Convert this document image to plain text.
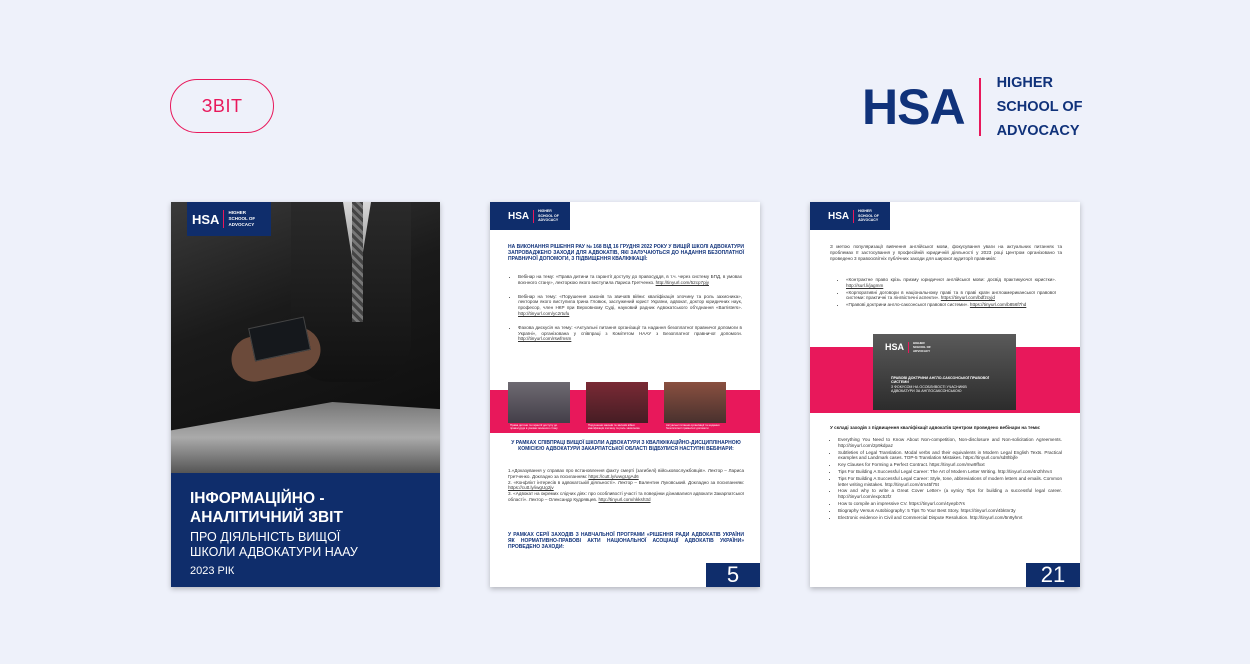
ЗВІТ	HSA HIGHER
SCHOOL OF
ADVOCACY
HSA HIGHER
SCHOOL OF
ADVOCACY
ІНФОРМАЦІЙНО -
АНАЛІТИЧНИЙ ЗВІТ
ПРО ДІЯЛЬНІСТЬ ВИЩОЇ
ШКОЛИ АДВОКАТУРИ НААУ
2023 РІК
HSA	HIGHER
SCHOOL OF
ADVOCACY
НА ВИКОНАННЯ РІШЕННЯ РАУ № 168 ВІД 16 ГРУДНЯ 2022 РОКУ У ВИЩІЙ ШКОЛІ АДВОКАТУРИ ЗАПРОВАДЖЕНО ЗАХОДИ ДЛЯ АДВОКАТІВ, ЯКІ ЗАЛУЧАЮТЬСЯ ДО НАДАННЯ БЕЗОПЛАТНОЇ ПРАВНИЧОЇ ДОПОМОГИ, З ПІДВИЩЕННЯ КВАЛІФІКАЦІЇ:
• Вебінар на тему: «Права дитини та гарантії доступу до правосуддя, в т.ч. через систему БПД, в умовах воєнного стану», лекторкою якого виступила Лариса Гретченко. http://tinyurl.com/52cp7pjy
• Вебінар на тему: «Порушення законів та звичаїв війни: кваліфікація злочину та роль захисника», лектором якого виступила Ірина Гловюк, заслужений юрист України, адвокат, доктор юридичних наук, професор, член НКР при Верховному Суді, науковий радник Адвокатського об'єднання «Barristers». http://tinyurl.com/yc2rtufu
• Фахова дискусія на тему: «Актуальні питання організації та надання безоплатної правничої допомоги в Україні», організована у співпраці з Комітетом НААУ з Безоплатної правничої допомоги. http://tinyurl.com/rswfmsm
Права дитини та гарантії доступу до правосуддя в умовах воєнного стану
Порушення законів та звичаїв війни: кваліфікація злочину та роль захисника
Актуальні питання організації та надання безоплатної правничої допомоги
У РАМКАХ СПІВПРАЦІ ВИЩОЇ ШКОЛИ АДВОКАТУРИ З КВАЛІФІКАЦІЙНО-ДИСЦИПЛІНАРНОЮ КОМІСІЄЮ АДВОКАТУРИ ЗАКАРПАТСЬКОЇ ОБЛАСТІ ВІДБУЛИСЯ НАСТУПНІ ВЕБІНАРИ:
1.«Доказування у справах про встановлення факту смерті (загибелі) військовослужбовців». Лектор – Лариса Гретченко. Докладно за посиланням: https://cutt.ly/wwgUgAd6
2. «Конфлікт інтересів в адвокатській діяльності». Лектор – Валентин Луковський. Докладно за посиланням: https://cutt.ly/iwgUg2jv
3. «Адвокат на окремих слідчих діях: про особливості участі та поведінки дізнавалися адвокати Закарпатської області». Лектор – Олександр Кудрявцев. http://tinyurl.com/nkksh3d
У РАМКАХ СЕРІЇ ЗАХОДІВ З НАВЧАЛЬНОЇ ПРОГРАМИ «РІШЕННЯ РАДИ АДВОКАТІВ УКРАЇНИ ЯК НОРМАТИВНО-ПРАВОВІ АКТИ НАЦІОНАЛЬНОЇ АСОЦІАЦІЇ АДВОКАТІВ УКРАЇНИ» ПРОВЕДЕНО ЗАХОДИ:
5
HSA	HIGHER
SCHOOL OF
ADVOCACY
З метою популяризації вивчення англійської мови, фокусування уваги на актуальних питаннях та проблемах її застосування у професійній юридичній діяльності у 2023 році Центром організовано та проведено 3 правоосвітніх публічних заходи для широкої аудиторії правників:
• «Контрактне право крізь призму юридичної англійської мови: досвід практикуючої юристки». http://surl.li/jagmm
• «Корпоративні договори в національному праві та в праві країн англоамериканської правової системи: практичні та лінгвістичні аспекти». https://tinyurl.com/bdfzcyjd
• «Правові доктрини англо-саксонської правової системи». https://tinyurl.com/b856f7hd
HSA	HIGHER
SCHOOL OF
ADVOCACY
ПРАВОВІ ДОКТРИНИ АНГЛО-САКСОНСЬКОЇ ПРАВОВОЇ СИСТЕМИ
З ФОКУСОМ НА ОСОБЛИВОСТІ УЧАСНИКІВ АДВОКАТУРИ ЗА АНГЛОСАКСОНСЬКОЮ
У складі заходів з підвищення кваліфікації адвокатів Центром проведено вебінари на теми:
• Everything You Need to Know About Non-competition, Non-disclosure and Non-solicitation Agreements. http://tinyurl.com/2p9kdpaz
• Subtleties of Legal Translation. Modal verbs and their equivalents in Modern Legal English Texts. Practical examples and Landmark cases. TOP-5 Translation Mistakes. https://tinyurl.com/sd8hbjfe
• Key Clauses for Forming a Perfect Contract. https://tinyurl.com/mw9ffxxt
• Tips For Building A Successful Legal Career: The Art of Modern Letter Writing. http://tinyurl.com/4n2hhrv4
• Tips For Building A Successful Legal Career: Style, tone, abbreviations of modern letters and emails. Common letter writing mistakes. http://tinyurl.com/4m45f75t
• How and why to write a Great Cover Letter» (a купісу Tips for building a successful legal career. http://tinyurl.com/expc52fz
• How to compile an impressive CV. https://tinyurl.com/4yepb7rs
• Biography Versus Autobiography: 5 Tips To Your Best Story. https://tinyurl.com/4bktnr3y
• Electronic evidence in Civil and Commercial Dispute Resolution. http://tinyurl.com/5n9yhrvt
21
